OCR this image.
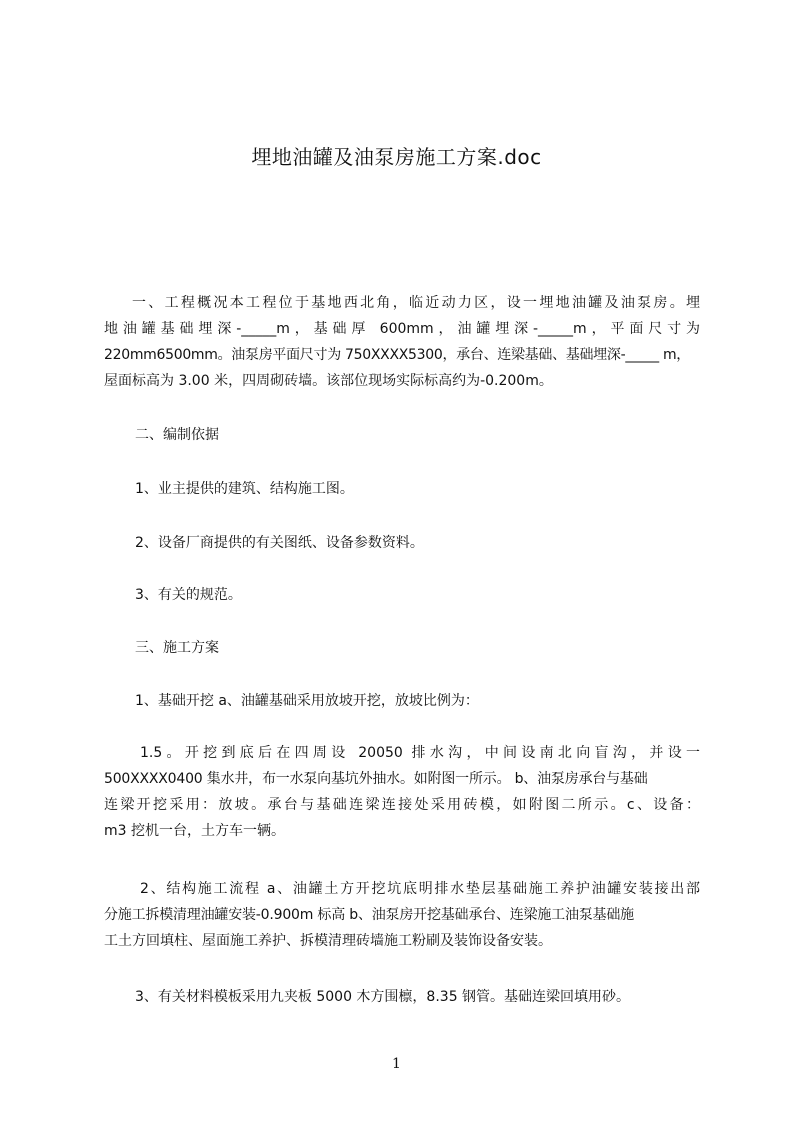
埋地油罐及油泵房施工方案.doc
一、工程概况本工程位于基地西北角，临近动力区，设一埋地油罐及油泵房。埋
地油罐基础埋深-_____m，基础厚 600mm，油罐埋深-_____m，平面尺寸为
220mm6500mm。油泵房平面尺寸为 750XXXX5300，承台、连梁基础、基础埋深-_____ m，
屋面标高为 3.00 米，四周砌砖墙。该部位现场实际标高约为-0.200m。
二、编制依据
1、业主提供的建筑、结构施工图。
2、设备厂商提供的有关图纸、设备参数资料。
3、有关的规范。
三、施工方案
1、基础开挖 a、油罐基础采用放坡开挖，放坡比例为：
1.5。开挖到底后在四周设 20050 排水沟，中间设南北向盲沟，并设一
500XXXX0400 集水井，布一水泵向基坑外抽水。如附图一所示。 b、油泵房承台与基础
连梁开挖采用：放坡。承台与基础连梁连接处采用砖模，如附图二所示。c、设备：
m3 挖机一台，土方车一辆。
2、结构施工流程 a、油罐土方开挖坑底明排水垫层基础施工养护油罐安装接出部
分施工拆模清理油罐安装-0.900m 标高 b、油泵房开挖基础承台、连梁施工油泵基础施
工土方回填柱、屋面施工养护、拆模清理砖墙施工粉刷及装饰设备安装。
3、有关材料模板采用九夹板 5000 木方围檩，8.35 钢管。基础连梁回填用砂。
1
